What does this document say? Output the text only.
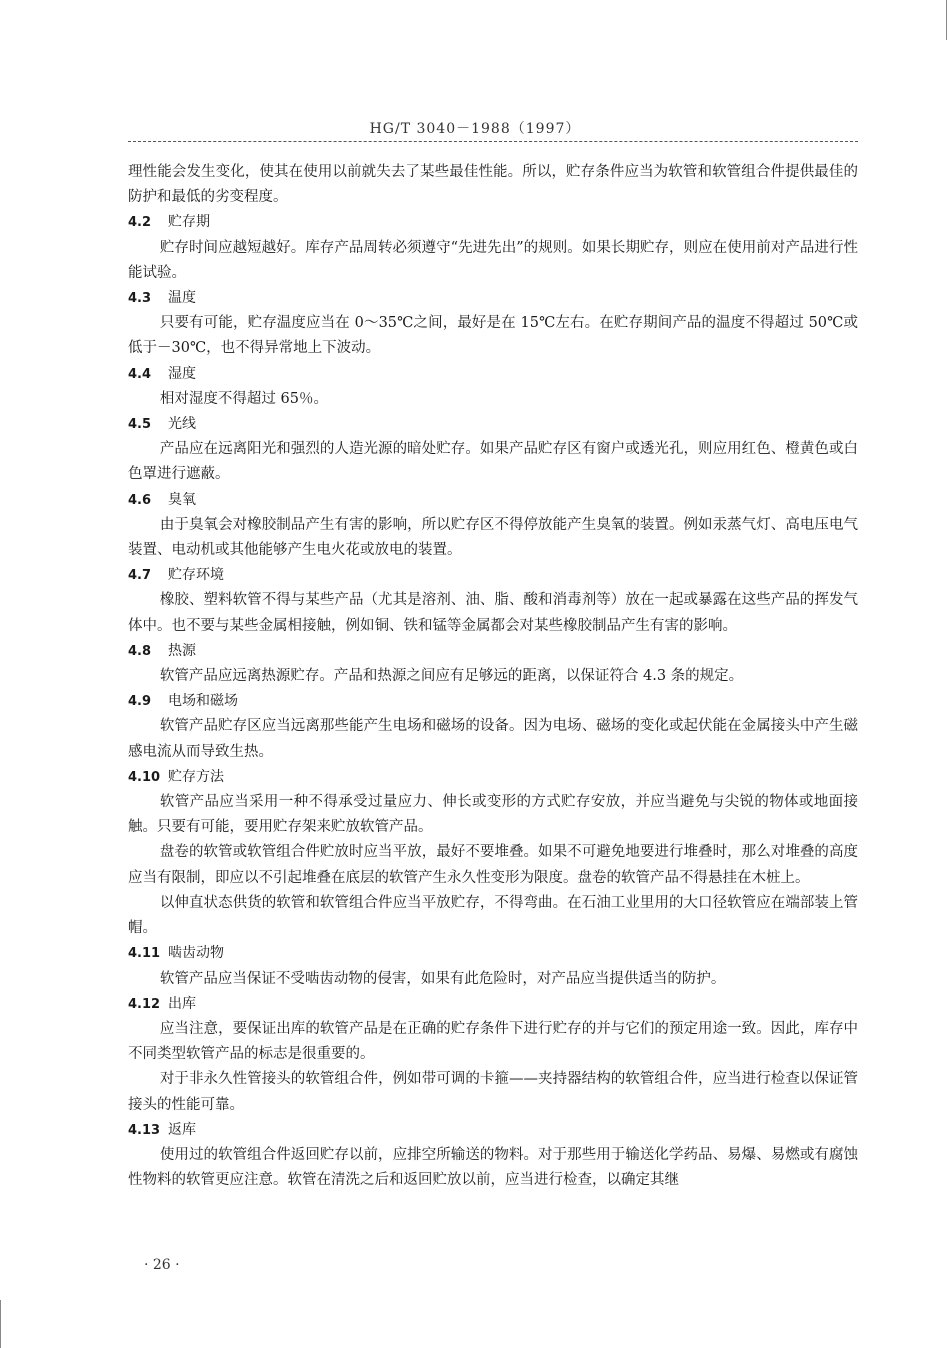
HG/T 3040－1988（1997）

理性能会发生变化，使其在使用以前就失去了某些最佳性能。所以，贮存条件应当为软管和软管组合件提供最佳的防护和最低的劣变程度。

4.2 贮存期

贮存时间应越短越好。库存产品周转必须遵守“先进先出”的规则。如果长期贮存，则应在使用前对产品进行性能试验。

4.3 温度

只要有可能，贮存温度应当在 0～35℃之间，最好是在 15℃左右。在贮存期间产品的温度不得超过 50℃或低于－30℃，也不得异常地上下波动。

4.4 湿度

相对湿度不得超过 65％。

4.5 光线

产品应在远离阳光和强烈的人造光源的暗处贮存。如果产品贮存区有窗户或透光孔，则应用红色、橙黄色或白色罩进行遮蔽。

4.6 臭氧

由于臭氧会对橡胶制品产生有害的影响，所以贮存区不得停放能产生臭氧的装置。例如汞蒸气灯、高电压电气装置、电动机或其他能够产生电火花或放电的装置。

4.7 贮存环境

橡胶、塑料软管不得与某些产品（尤其是溶剂、油、脂、酸和消毒剂等）放在一起或暴露在这些产品的挥发气体中。也不要与某些金属相接触，例如铜、铁和锰等金属都会对某些橡胶制品产生有害的影响。

4.8 热源

软管产品应远离热源贮存。产品和热源之间应有足够远的距离，以保证符合 4.3 条的规定。

4.9 电场和磁场

软管产品贮存区应当远离那些能产生电场和磁场的设备。因为电场、磁场的变化或起伏能在金属接头中产生磁感电流从而导致生热。

4.10 贮存方法

软管产品应当采用一种不得承受过量应力、伸长或变形的方式贮存安放，并应当避免与尖锐的物体或地面接触。只要有可能，要用贮存架来贮放软管产品。

盘卷的软管或软管组合件贮放时应当平放，最好不要堆叠。如果不可避免地要进行堆叠时，那么对堆叠的高度应当有限制，即应以不引起堆叠在底层的软管产生永久性变形为限度。盘卷的软管产品不得悬挂在木桩上。

以伸直状态供货的软管和软管组合件应当平放贮存，不得弯曲。在石油工业里用的大口径软管应在端部装上管帽。

4.11 啮齿动物

软管产品应当保证不受啮齿动物的侵害，如果有此危险时，对产品应当提供适当的防护。

4.12 出库

应当注意，要保证出库的软管产品是在正确的贮存条件下进行贮存的并与它们的预定用途一致。因此，库存中不同类型软管产品的标志是很重要的。

对于非永久性管接头的软管组合件，例如带可调的卡箍——夹持器结构的软管组合件，应当进行检查以保证管接头的性能可靠。

4.13 返库

使用过的软管组合件返回贮存以前，应排空所输送的物料。对于那些用于输送化学药品、易爆、易燃或有腐蚀性物料的软管更应注意。软管在清洗之后和返回贮放以前，应当进行检查，以确定其继

· 26 ·
